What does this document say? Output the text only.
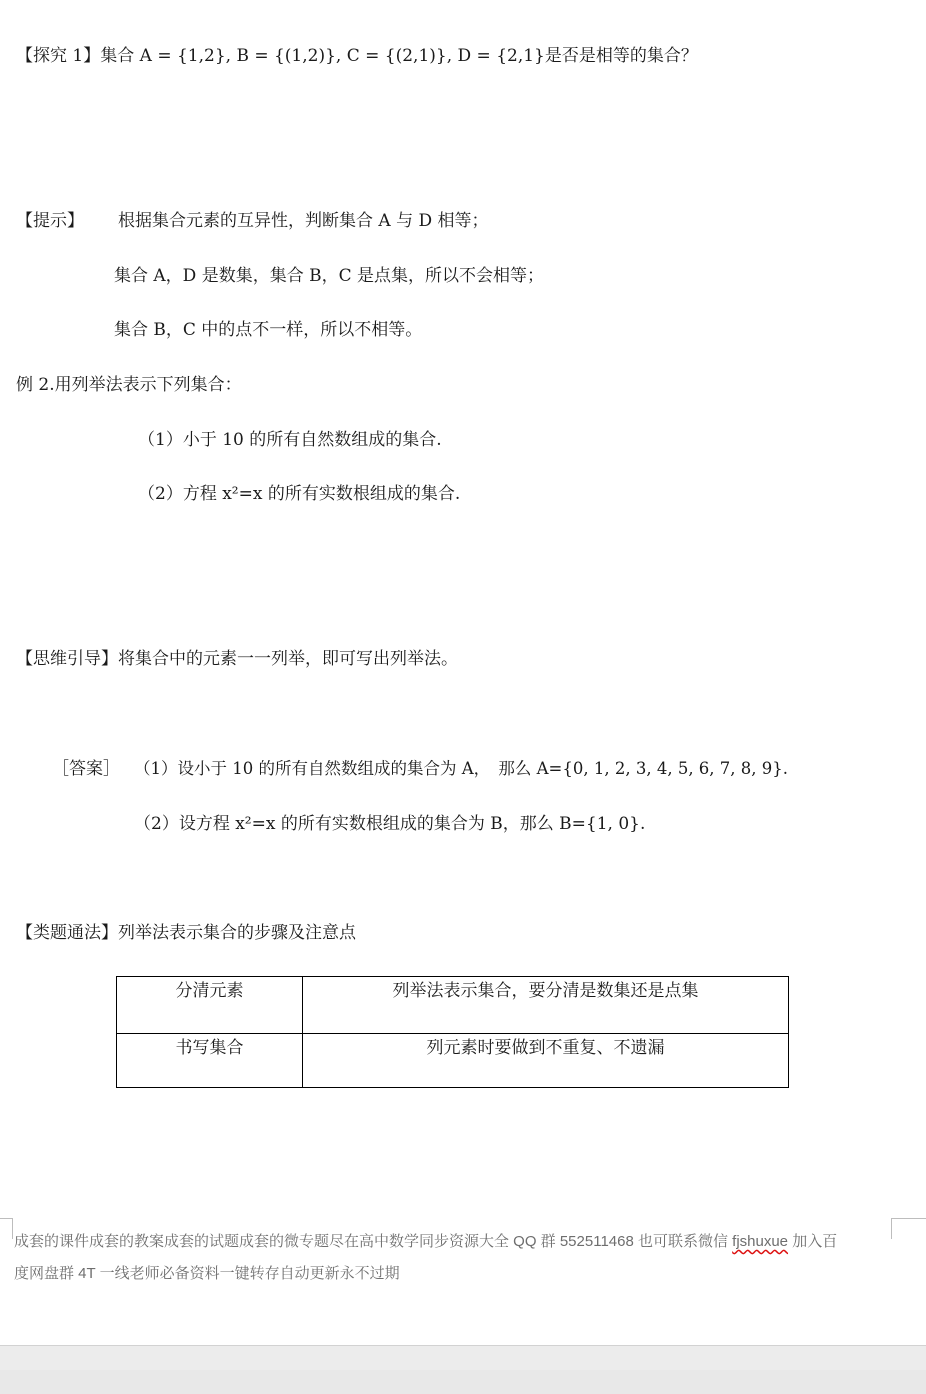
【探究 1】集合 A = {1,2}, B = {(1,2)}, C = {(2,1)}, D = {2,1}是否是相等的集合？
【提示】 根据集合元素的互异性，判断集合 A 与 D 相等；
集合 A，D 是数集，集合 B，C 是点集，所以不会相等；
集合 B，C 中的点不一样，所以不相等。
例 2.用列举法表示下列集合：
（1）小于 10 的所有自然数组成的集合.
（2）方程 x²=x 的所有实数根组成的集合.
【思维引导】将集合中的元素一一列举，即可写出列举法。
［答案］ （1）设小于 10 的所有自然数组成的集合为 A，　那么 A={0, 1, 2, 3, 4, 5, 6, 7, 8, 9}.
（2）设方程 x²=x 的所有实数根组成的集合为 B，那么 B={1, 0}.
【类题通法】列举法表示集合的步骤及注意点
分清元素	列举法表示集合，要分清是数集还是点集
书写集合	列元素时要做到不重复、不遗漏
成套的课件成套的教案成套的试题成套的微专题尽在高中数学同步资源大全 QQ 群 552511468 也可联系微信 fjshuxue 加入百
度网盘群 4T 一线老师必备资料一键转存自动更新永不过期
